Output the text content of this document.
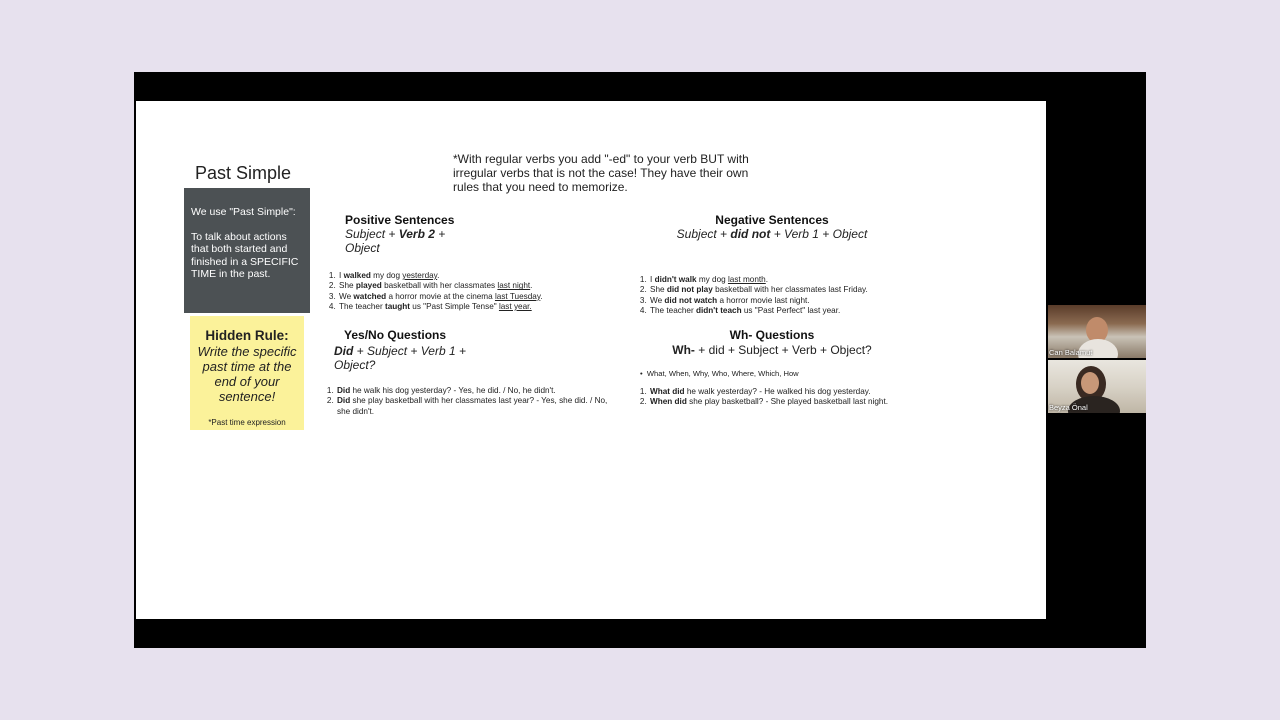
Past Simple
We use "Past Simple":
To talk about actions that both started and finished in a SPECIFIC TIME in the past.
Hidden Rule:
Write the specific past time at the end of your sentence!
*Past time expression
*With regular verbs you add "-ed" to your verb BUT with irregular verbs that is not the case! They have their own rules that you need to memorize.
Positive Sentences
Subject + Verb 2 + Object
1. I walked my dog yesterday.
2. She played basketball with her classmates last night.
3. We watched a horror movie at the cinema last Tuesday.
4. The teacher taught us "Past Simple Tense" last year.
Negative Sentences
Subject + did not + Verb 1 + Object
1. I didn't walk my dog last month.
2. She did not play basketball with her classmates last Friday.
3. We did not watch a horror movie last night.
4. The teacher didn't teach us "Past Perfect" last year.
Yes/No Questions
Did + Subject + Verb 1 + Object?
1. Did he walk his dog yesterday? - Yes, he did. / No, he didn't.
2. Did she play basketball with her classmates last year? - Yes, she did. / No, she didn't.
Wh- Questions
Wh- + did + Subject + Verb + Object?
•  What, When, Why, Who, Where, Which, How
1. What did he walk yesterday? - He walked his dog yesterday.
2. When did she play basketball? - She played basketball last night.
Can Balamut
Beyza Önal
